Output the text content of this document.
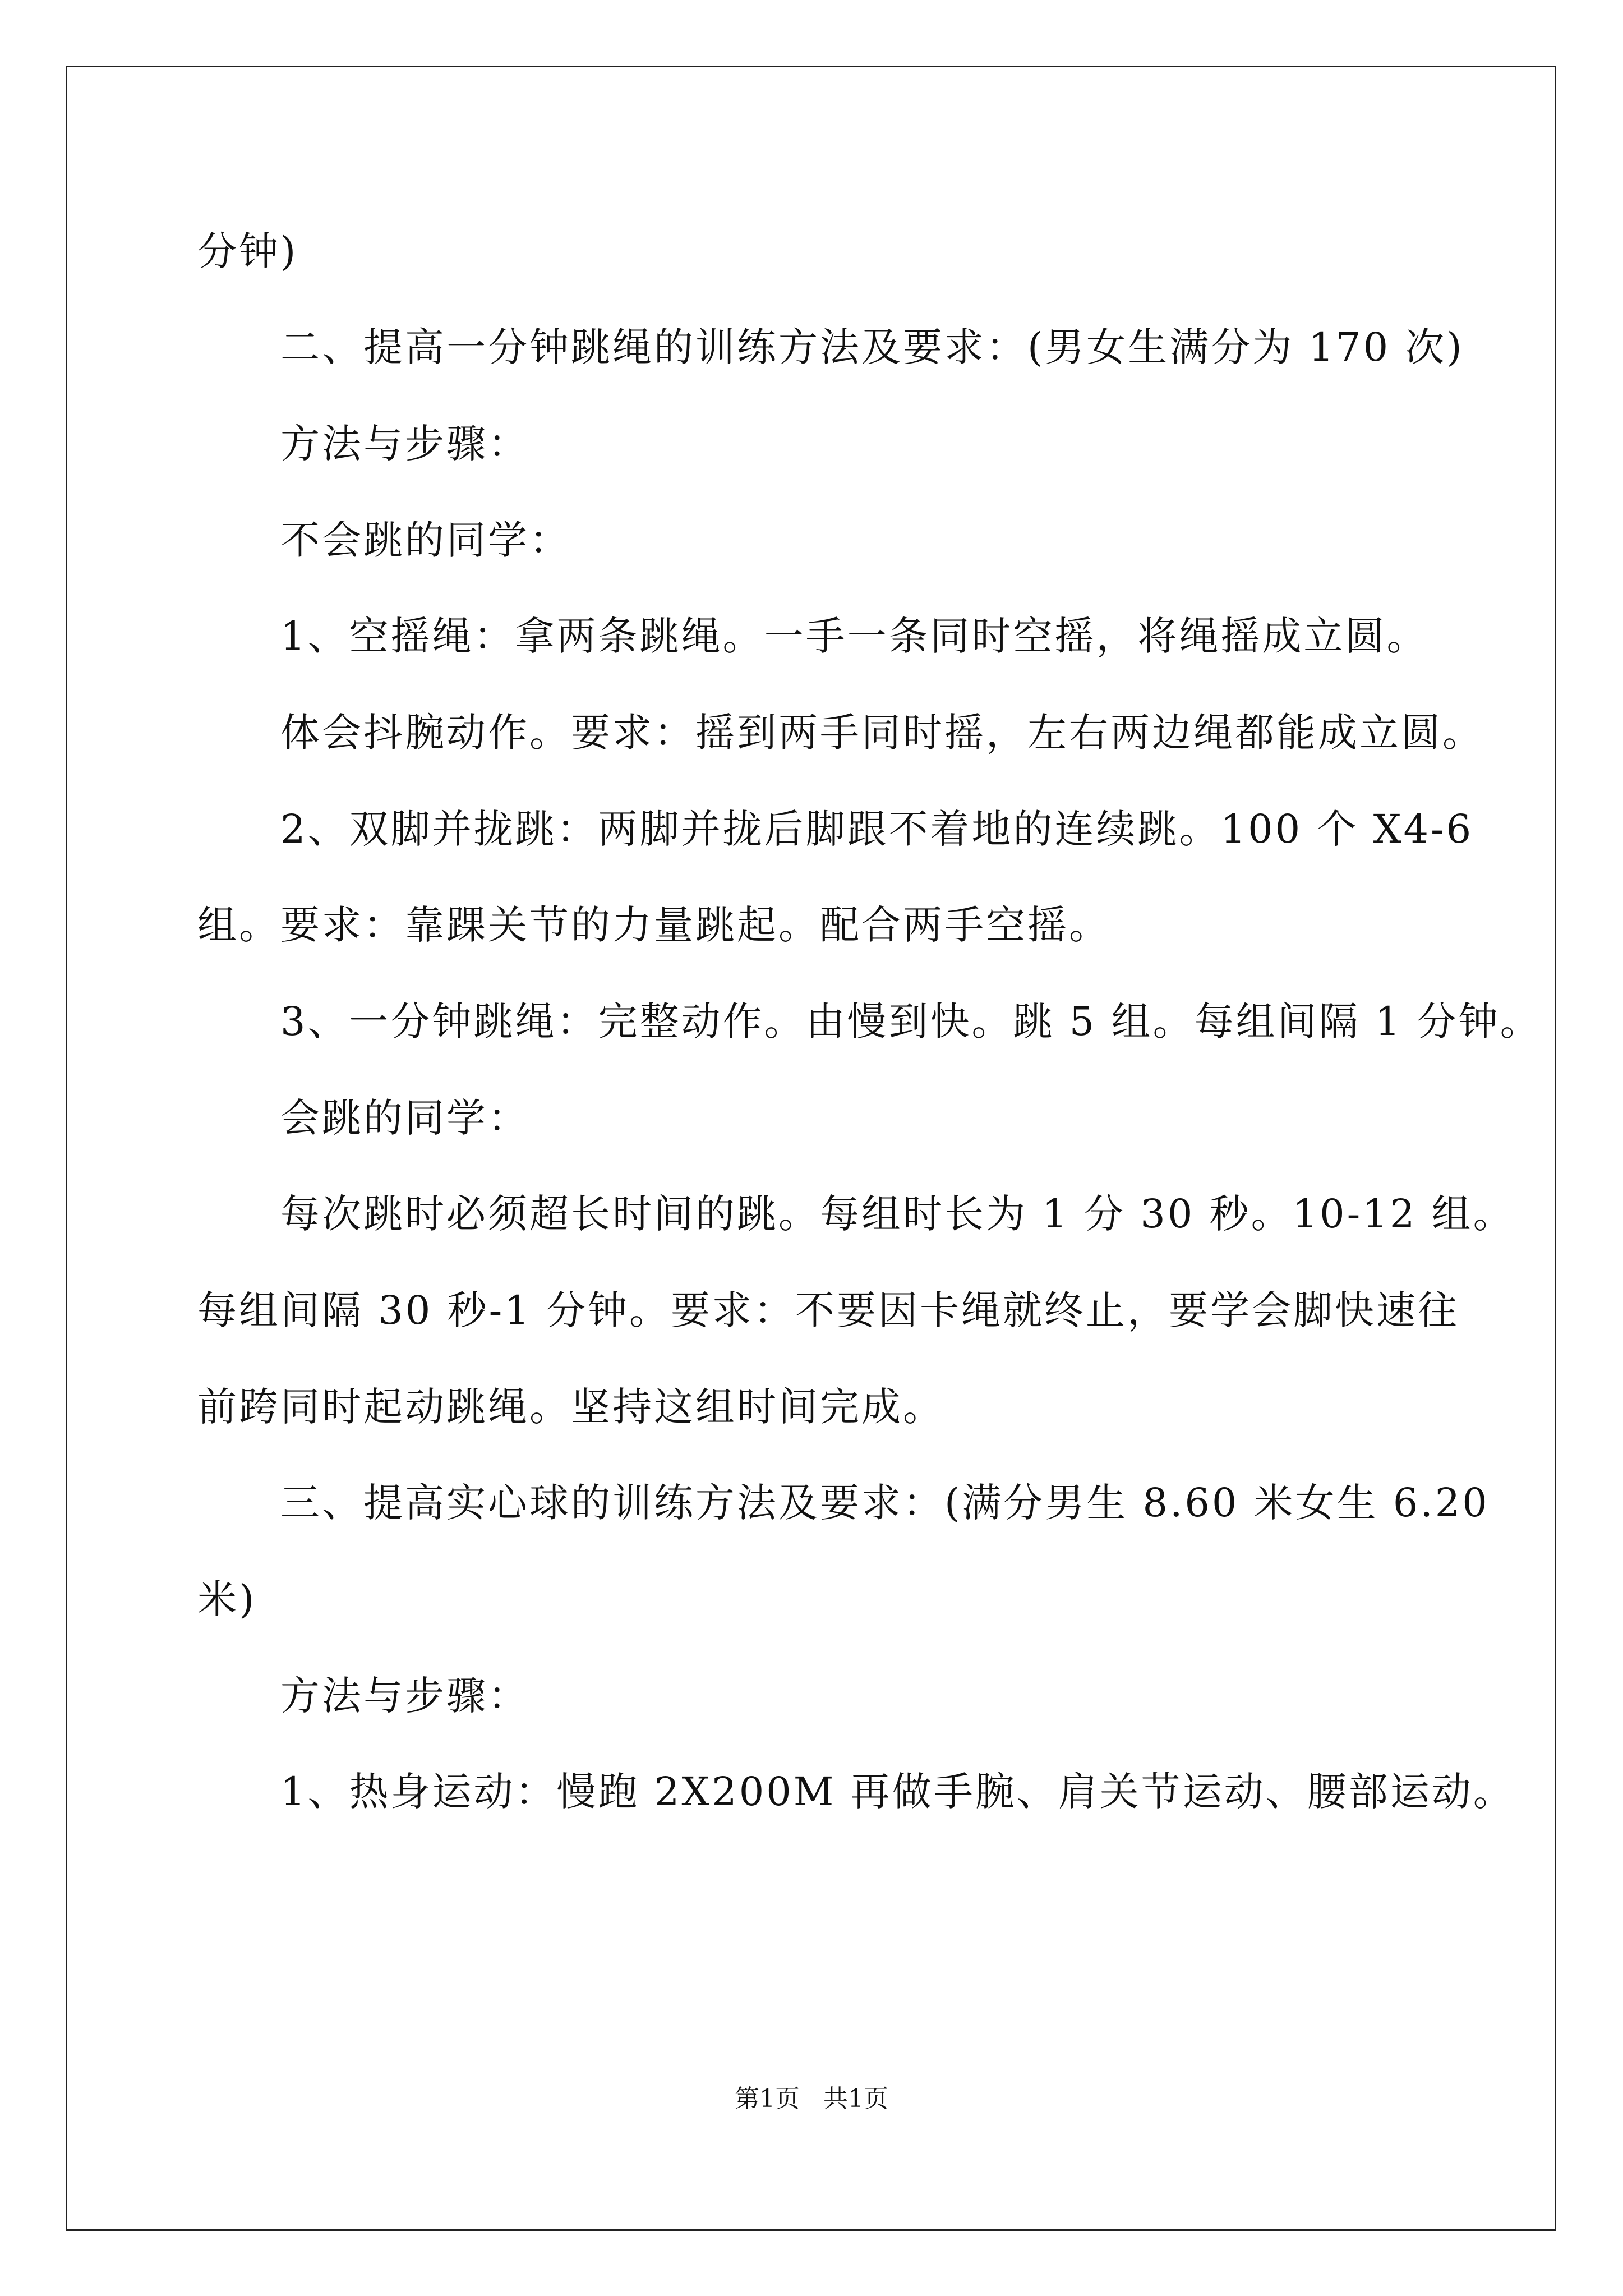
分钟)
二、提高一分钟跳绳的训练方法及要求：(男女生满分为 170 次)
方法与步骤：
不会跳的同学：
1、空摇绳：拿两条跳绳。一手一条同时空摇，将绳摇成立圆。
体会抖腕动作。要求：摇到两手同时摇，左右两边绳都能成立圆。
2、双脚并拢跳：两脚并拢后脚跟不着地的连续跳。100 个 X4-6
组。要求：靠踝关节的力量跳起。配合两手空摇。
3、一分钟跳绳：完整动作。由慢到快。跳 5 组。每组间隔 1 分钟。
会跳的同学：
每次跳时必须超长时间的跳。每组时长为 1 分 30 秒。10-12 组。
每组间隔 30 秒-1 分钟。要求：不要因卡绳就终止，要学会脚快速往
前跨同时起动跳绳。坚持这组时间完成。
三、提高实心球的训练方法及要求：(满分男生 8.60 米女生 6.20
米)
方法与步骤：
1、热身运动：慢跑 2X200M 再做手腕、肩关节运动、腰部运动。
第1页   共1页
